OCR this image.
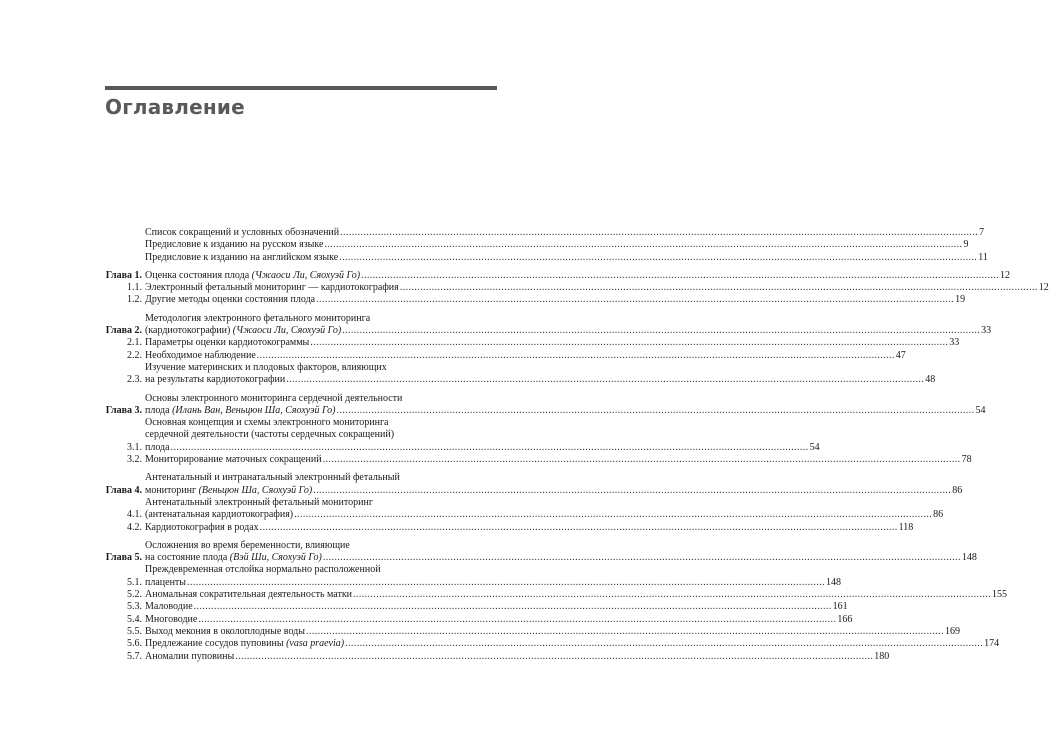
Оглавление
Список сокращений и условных обозначений ............................................................................................................................................................................................................................ 7
Предисловие к изданию на русском языке ............................................................................................................................................................................................................................ 9
Предисловие к изданию на английском языке ............................................................................................................................................................................................................................ 11
Глава 1. Оценка состояния плода
(Чжаоси Ли, Сяохуэй Го) ............................................................................................................................................................................................................................ 12
1.1. Электронный фетальный мониторинг — кардиотокография ............................................................................................................................................................................................................................ 12
1.2. Другие методы оценки состояния плода ............................................................................................................................................................................................................................ 19
Глава 2.
Методология электронного фетального мониторинга
(кардиотокографии)
(Чжаоси Ли, Сяохуэй Го) ............................................................................................................................................................................................................................ 33
2.1. Параметры оценки кардиотокограммы ............................................................................................................................................................................................................................ 33
2.2. Необходимое наблюдение ............................................................................................................................................................................................................................ 47
2.3.
Изучение материнских и плодовых факторов, влияющих
на результаты кардиотокографии ............................................................................................................................................................................................................................ 48
Глава 3.
Основы электронного мониторинга сердечной деятельности
плода
(Илань Ван, Веньцюн Ша, Сяохуэй Го) ............................................................................................................................................................................................................................ 54
3.1.
Основная концепция и схемы электронного мониторинга
сердечной деятельности (частоты сердечных сокращений)
плода ............................................................................................................................................................................................................................ 54
3.2. Мониторирование маточных сокращений ............................................................................................................................................................................................................................ 78
Глава 4.
Антенатальный и интранатальный электронный фетальный
мониторинг
(Веньцюн Ша, Сяохуэй Го) ............................................................................................................................................................................................................................ 86
4.1.
Антенатальный электронный фетальный мониторинг
(антенатальная кардиотокография) ............................................................................................................................................................................................................................ 86
4.2. Кардиотокография в родах ............................................................................................................................................................................................................................ 118
Глава 5.
Осложнения во время беременности, влияющие
на состояние плода
(Вэй Ши, Сяохуэй Го) ............................................................................................................................................................................................................................ 148
5.1.
Преждевременная отслойка нормально расположенной
плаценты ............................................................................................................................................................................................................................ 148
5.2. Аномальная сократительная деятельность матки ............................................................................................................................................................................................................................ 155
5.3. Маловодие ............................................................................................................................................................................................................................ 161
5.4. Многоводие ............................................................................................................................................................................................................................ 166
5.5. Выход мекония в околоплодные воды ............................................................................................................................................................................................................................ 169
5.6. Предлежание сосудов пуповины
(vasa praevia) ............................................................................................................................................................................................................................ 174
5.7. Аномалии пуповины ............................................................................................................................................................................................................................ 180
